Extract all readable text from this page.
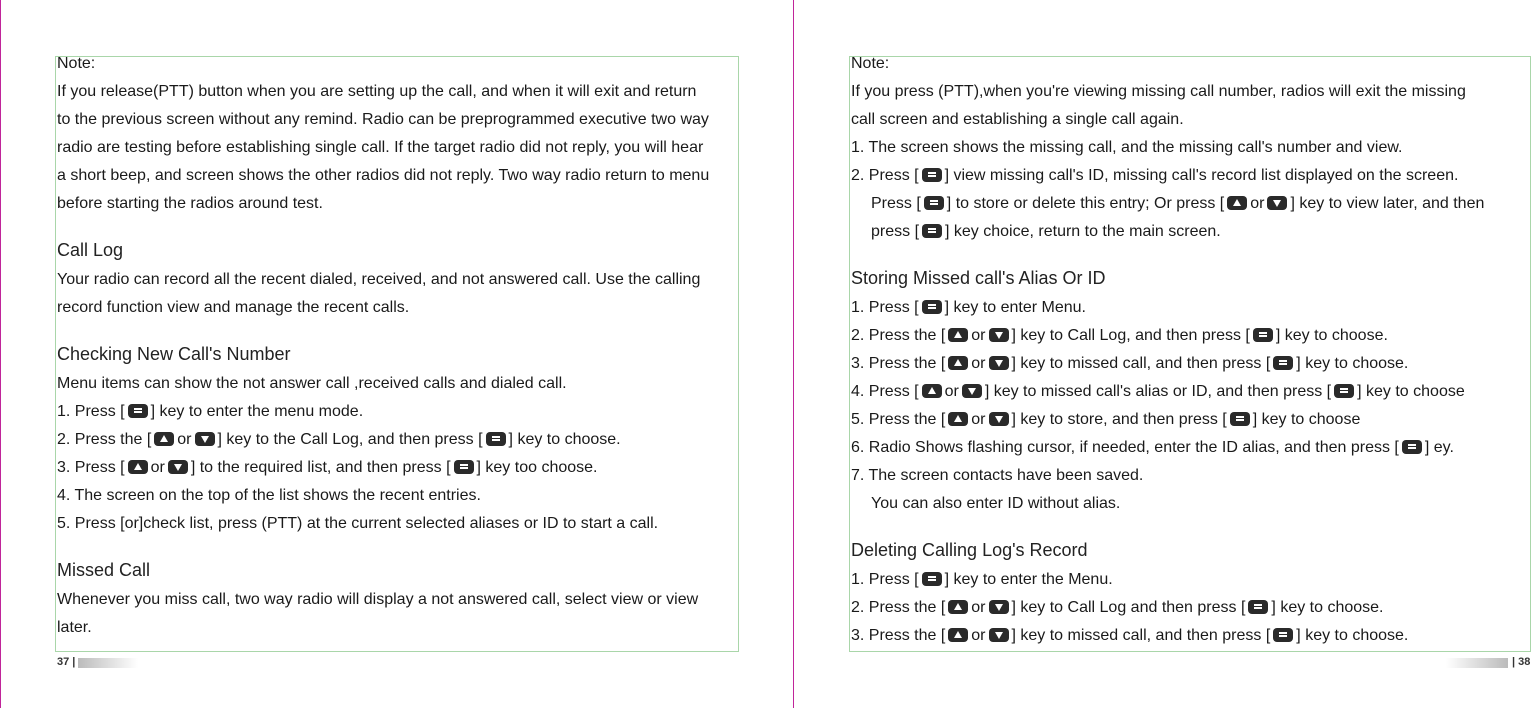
Note:
If you release(PTT) button when you are setting up the call, and when it will exit and return
to the previous screen without any remind. Radio can be preprogrammed executive two way
radio are testing before establishing single call. If the target radio did not reply, you will hear
a short beep, and screen shows the other radios did not reply. Two way radio return to menu
before starting the radios around test.
Call Log
Your radio can record all the recent dialed, received, and not answered call. Use the calling
record function view and manage the recent calls.
Checking New Call's Number
Menu items can show the not answer call ,received calls and dialed call.
1. Press [ ] key to enter the menu mode.
2. Press the [ or ] key to the Call Log, and then press [ ] key to choose.
3. Press [ or ] to the required list, and then press [ ] key too choose.
4. The screen on the top of the list shows the recent entries.
5. Press [or]check list, press (PTT) at the current selected aliases or ID to start a call.
Missed Call
Whenever you miss call, two way radio will display a not answered call, select view or view
later.
Note:
If you press (PTT),when you're viewing missing call number, radios will exit the missing
call screen and establishing a single call again.
1. The screen shows the missing call, and the missing call's number and view.
2. Press [ ] view missing call's ID, missing call's record list displayed on the screen.
Press [ ] to store or delete this entry; Or press [ or ] key to view later, and then
press [ ] key choice, return to the main screen.
Storing Missed call's Alias Or ID
1. Press [ ] key to enter Menu.
2. Press the [ or ] key to Call Log, and then press [ ] key to choose.
3. Press the [ or ] key to missed call, and then press [ ] key to choose.
4. Press [ or ] key to missed call's alias or ID, and then press [ ] key to choose
5. Press the [ or ] key to store, and then press [ ] key to choose
6. Radio Shows flashing cursor, if needed, enter the ID alias, and then press [ ] ey.
7. The screen contacts have been saved.
You can also enter ID without alias.
Deleting Calling Log's Record
1. Press [ ] key to enter the Menu.
2. Press the [ or ] key to Call Log and then press [ ] key to choose.
3. Press the [ or ] key to missed call, and then press [ ] key to choose.
37 |	| 38
